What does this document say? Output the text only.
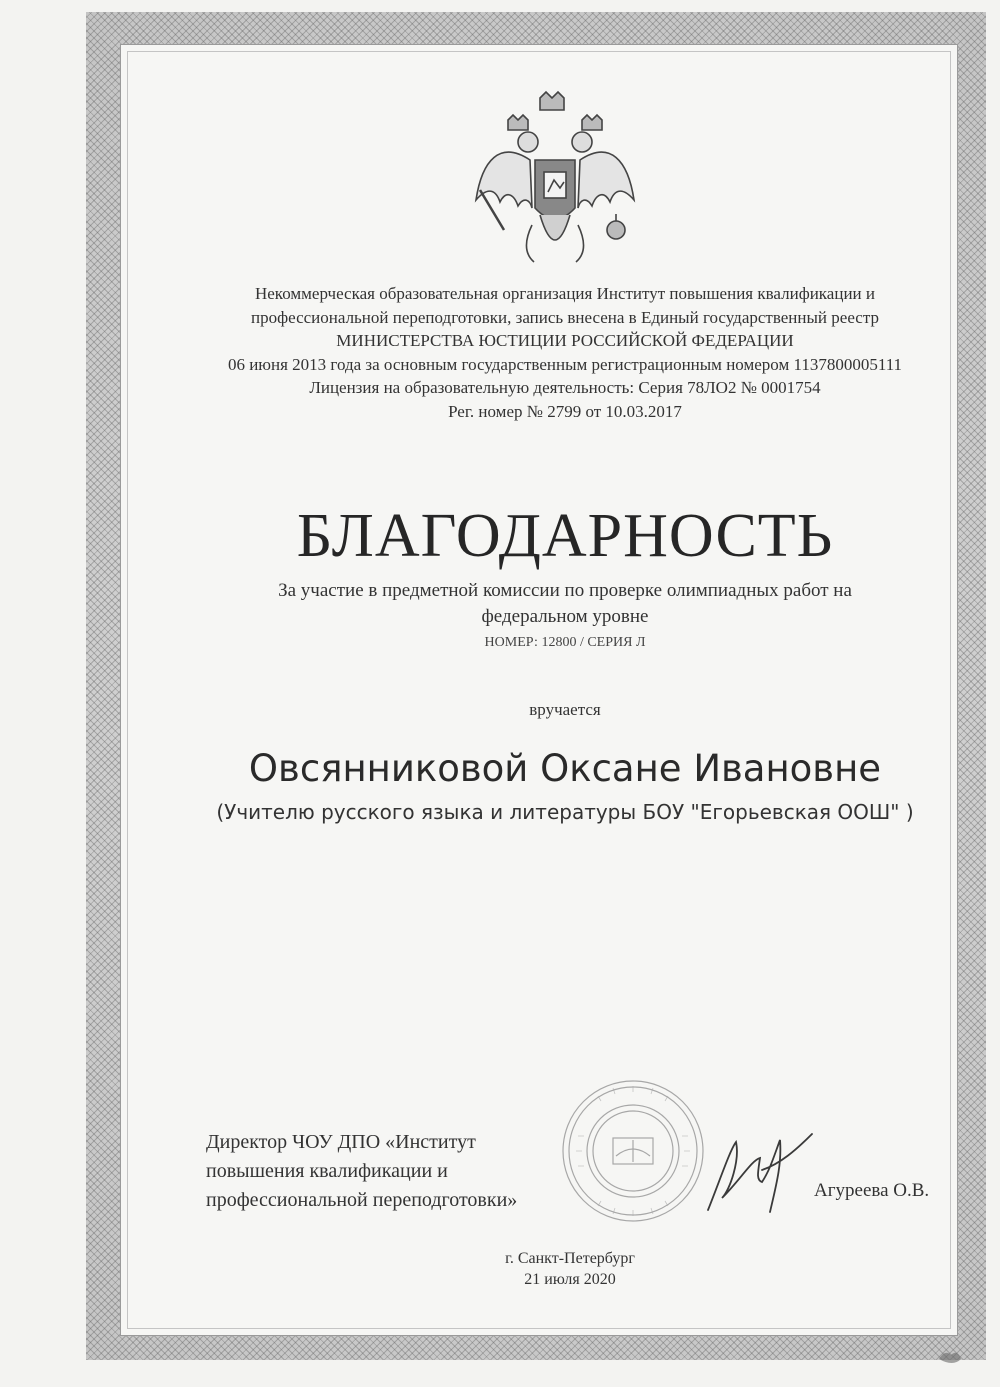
Некоммерческая образовательная организация Институт повышения квалификации и
профессиональной переподготовки, запись внесена в Единый государственный реестр
МИНИСТЕРСТВА ЮСТИЦИИ РОССИЙСКОЙ ФЕДЕРАЦИИ
06 июня 2013 года за основным государственным регистрационным номером 1137800005111
Лицензия на образовательную деятельность: Серия 78ЛО2 № 0001754
Рег. номер № 2799 от 10.03.2017
БЛАГОДАРНОСТЬ
За участие в предметной комиссии по проверке олимпиадных работ на
федеральном уровне
НОМЕР: 12800 / СЕРИЯ Л
вручается
Овсянниковой Оксане Ивановне
(Учителю русского языка и литературы БОУ "Егорьевская ООШ" )
Директор ЧОУ ДПО «Институт
повышения квалификации и
профессиональной переподготовки»	Агуреева О.В.
г. Санкт-Петербург
21 июля 2020
